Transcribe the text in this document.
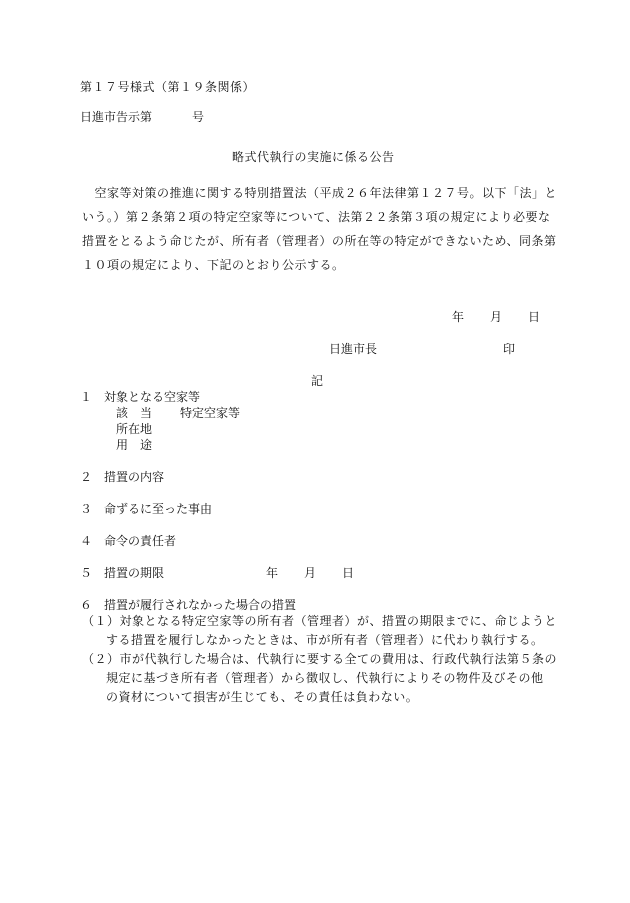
第１７号様式（第１９条関係）
日進市告示第	号
略式代執行の実施に係る公告
　空家等対策の推進に関する特別措置法（平成２６年法律第１２７号。以下「法」と
いう。）第２条第２項の特定空家等について、法第２２条第３項の規定により必要な
措置をとるよう命じたが、所有者（管理者）の所在等の特定ができないため、同条第
１０項の規定により、下記のとおり公示する。
年 月 日
日進市長	印
記
１ 対象となる空家等
該　当 特定空家等
所在地
用　途
２ 措置の内容
３ 命ずるに至った事由
４ 命令の責任者
５ 措置の期限	年 月 日
６ 措置が履行されなかった場合の措置
（１）対象となる特定空家等の所有者（管理者）が、措置の期限までに、命じようと
する措置を履行しなかったときは、市が所有者（管理者）に代わり執行する。
（２）市が代執行した場合は、代執行に要する全ての費用は、行政代執行法第５条の
規定に基づき所有者（管理者）から徴収し、代執行によりその物件及びその他
の資材について損害が生じても、その責任は負わない。
